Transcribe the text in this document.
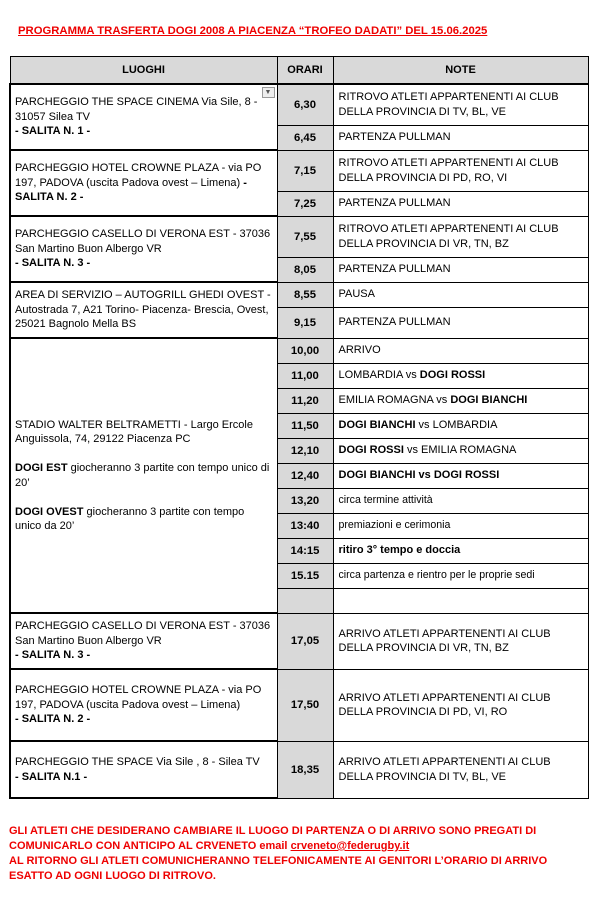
PROGRAMMA TRASFERTA DOGI 2008 A PIACENZA “TROFEO DADATI” DEL 15.06.2025
LUOGHI	ORARI	NOTE

▼
PARCHEGGIO THE SPACE CINEMA Via Sile, 8 - 31057 Silea TV
- SALITA N. 1 -	6,30	RITROVO ATLETI APPARTENENTI AI CLUB DELLA PROVINCIA DI TV, BL, VE
	6,45	PARTENZA PULLMAN
PARCHEGGIO HOTEL CROWNE PLAZA - via PO 197, PADOVA (uscita Padova ovest – Limena) - SALITA N. 2 -	7,15	RITROVO ATLETI APPARTENENTI AI CLUB DELLA PROVINCIA DI PD, RO, VI
	7,25	PARTENZA PULLMAN
PARCHEGGIO CASELLO DI VERONA EST - 37036 San Martino Buon Albergo VR
- SALITA N. 3 -	7,55	RITROVO ATLETI APPARTENENTI AI CLUB DELLA PROVINCIA DI VR, TN, BZ
	8,05	PARTENZA PULLMAN
AREA DI SERVIZIO – AUTOGRILL GHEDI OVEST - Autostrada 7, A21 Torino- Piacenza- Brescia, Ovest, 25021 Bagnolo Mella BS	8,55	PAUSA
	9,15	PARTENZA PULLMAN
STADIO WALTER BELTRAMETTI - Largo Ercole Anguissola, 74, 29122 Piacenza PC

DOGI EST giocheranno 3 partite con tempo unico di 20’

DOGI OVEST giocheranno 3 partite con tempo unico da 20’	10,00	ARRIVO
	11,00	LOMBARDIA vs DOGI ROSSI
	11,20	EMILIA ROMAGNA vs DOGI BIANCHI
	11,50	DOGI BIANCHI vs LOMBARDIA
	12,10	DOGI ROSSI vs EMILIA ROMAGNA
	12,40	DOGI BIANCHI vs DOGI ROSSI
	13,20	circa termine attività
	13:40	premiazioni e cerimonia
	14:15	ritiro 3° tempo e doccia
	15.15	circa partenza e rientro per le proprie sedi

PARCHEGGIO CASELLO DI VERONA EST - 37036 San Martino Buon Albergo VR
- SALITA N. 3 -	17,05	ARRIVO ATLETI APPARTENENTI AI CLUB DELLA PROVINCIA DI VR, TN, BZ
PARCHEGGIO HOTEL CROWNE PLAZA - via PO 197, PADOVA (uscita Padova ovest – Limena)
- SALITA N. 2 -	17,50	ARRIVO ATLETI APPARTENENTI AI CLUB DELLA PROVINCIA DI PD, VI, RO
PARCHEGGIO THE SPACE Via Sile , 8 - Silea TV
- SALITA N.1 -	18,35	ARRIVO ATLETI APPARTENENTI AI CLUB DELLA PROVINCIA DI TV, BL, VE
GLI ATLETI CHE DESIDERANO CAMBIARE IL LUOGO DI PARTENZA O DI ARRIVO SONO PREGATI DI COMUNICARLO CON ANTICIPO AL CRVENETO email crveneto@federugby.it
AL RITORNO GLI ATLETI COMUNICHERANNO TELEFONICAMENTE AI GENITORI L’ORARIO DI ARRIVO ESATTO AD OGNI LUOGO DI RITROVO.
